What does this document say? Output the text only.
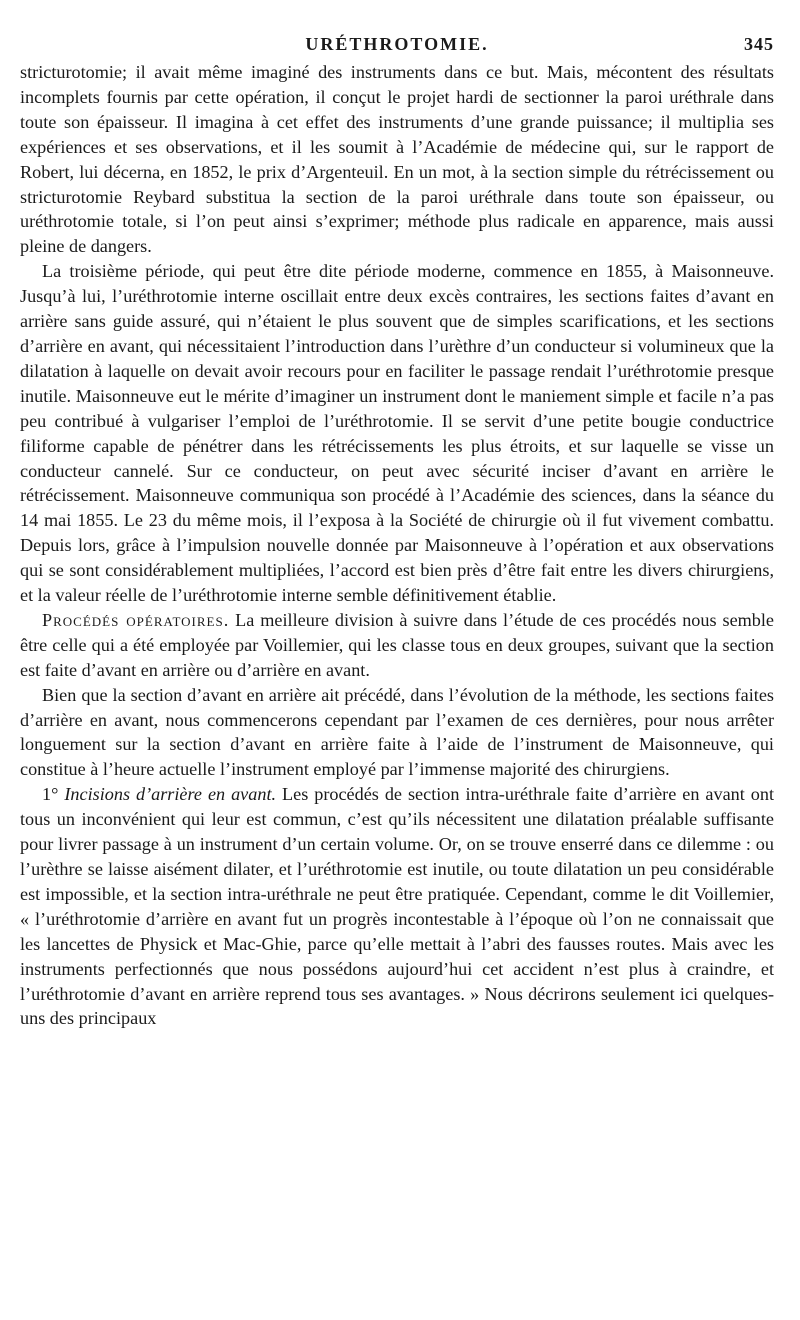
URÉTHROTOMIE.	345

stricturotomie; il avait même imaginé des instruments dans ce but. Mais, mécontent des résultats incomplets fournis par cette opération, il conçut le projet hardi de sectionner la paroi uréthrale dans toute son épaisseur. Il imagina à cet effet des instruments d’une grande puissance; il multiplia ses expériences et ses observations, et il les soumit à l’Académie de médecine qui, sur le rapport de Robert, lui décerna, en 1852, le prix d’Argenteuil. En un mot, à la section simple du rétrécissement ou stricturotomie Reybard substitua la section de la paroi uréthrale dans toute son épaisseur, ou uréthrotomie totale, si l’on peut ainsi s’exprimer; méthode plus radicale en apparence, mais aussi pleine de dangers.

La troisième période, qui peut être dite période moderne, commence en 1855, à Maisonneuve. Jusqu’à lui, l’uréthrotomie interne oscillait entre deux excès contraires, les sections faites d’avant en arrière sans guide assuré, qui n’étaient le plus souvent que de simples scarifications, et les sections d’arrière en avant, qui nécessitaient l’introduction dans l’urèthre d’un conducteur si volumineux que la dilatation à laquelle on devait avoir recours pour en faciliter le passage rendait l’uréthrotomie presque inutile. Maisonneuve eut le mérite d’imaginer un instrument dont le maniement simple et facile n’a pas peu contribué à vulgariser l’emploi de l’uréthrotomie. Il se servit d’une petite bougie conductrice filiforme capable de pénétrer dans les rétrécissements les plus étroits, et sur laquelle se visse un conducteur cannelé. Sur ce conducteur, on peut avec sécurité inciser d’avant en arrière le rétrécissement. Maisonneuve communiqua son procédé à l’Académie des sciences, dans la séance du 14 mai 1855. Le 23 du même mois, il l’exposa à la Société de chirurgie où il fut vivement combattu. Depuis lors, grâce à l’impulsion nouvelle donnée par Maisonneuve à l’opération et aux observations qui se sont considérablement multipliées, l’accord est bien près d’être fait entre les divers chirurgiens, et la valeur réelle de l’uréthrotomie interne semble définitivement établie.

Procédés opératoires. La meilleure division à suivre dans l’étude de ces procédés nous semble être celle qui a été employée par Voillemier, qui les classe tous en deux groupes, suivant que la section est faite d’avant en arrière ou d’arrière en avant.

Bien que la section d’avant en arrière ait précédé, dans l’évolution de la méthode, les sections faites d’arrière en avant, nous commencerons cependant par l’examen de ces dernières, pour nous arrêter longuement sur la section d’avant en arrière faite à l’aide de l’instrument de Maisonneuve, qui constitue à l’heure actuelle l’instrument employé par l’immense majorité des chirurgiens.

1° Incisions d’arrière en avant. Les procédés de section intra-uréthrale faite d’arrière en avant ont tous un inconvénient qui leur est commun, c’est qu’ils nécessitent une dilatation préalable suffisante pour livrer passage à un instrument d’un certain volume. Or, on se trouve enserré dans ce dilemme : ou l’urèthre se laisse aisément dilater, et l’uréthrotomie est inutile, ou toute dilatation un peu considérable est impossible, et la section intra-uréthrale ne peut être pratiquée. Cependant, comme le dit Voillemier, « l’uréthrotomie d’arrière en avant fut un progrès incontestable à l’époque où l’on ne connaissait que les lancettes de Physick et Mac-Ghie, parce qu’elle mettait à l’abri des fausses routes. Mais avec les instruments perfectionnés que nous possédons aujourd’hui cet accident n’est plus à craindre, et l’uréthrotomie d’avant en arrière reprend tous ses avantages. » Nous décrirons seulement ici quelques-uns des principaux
